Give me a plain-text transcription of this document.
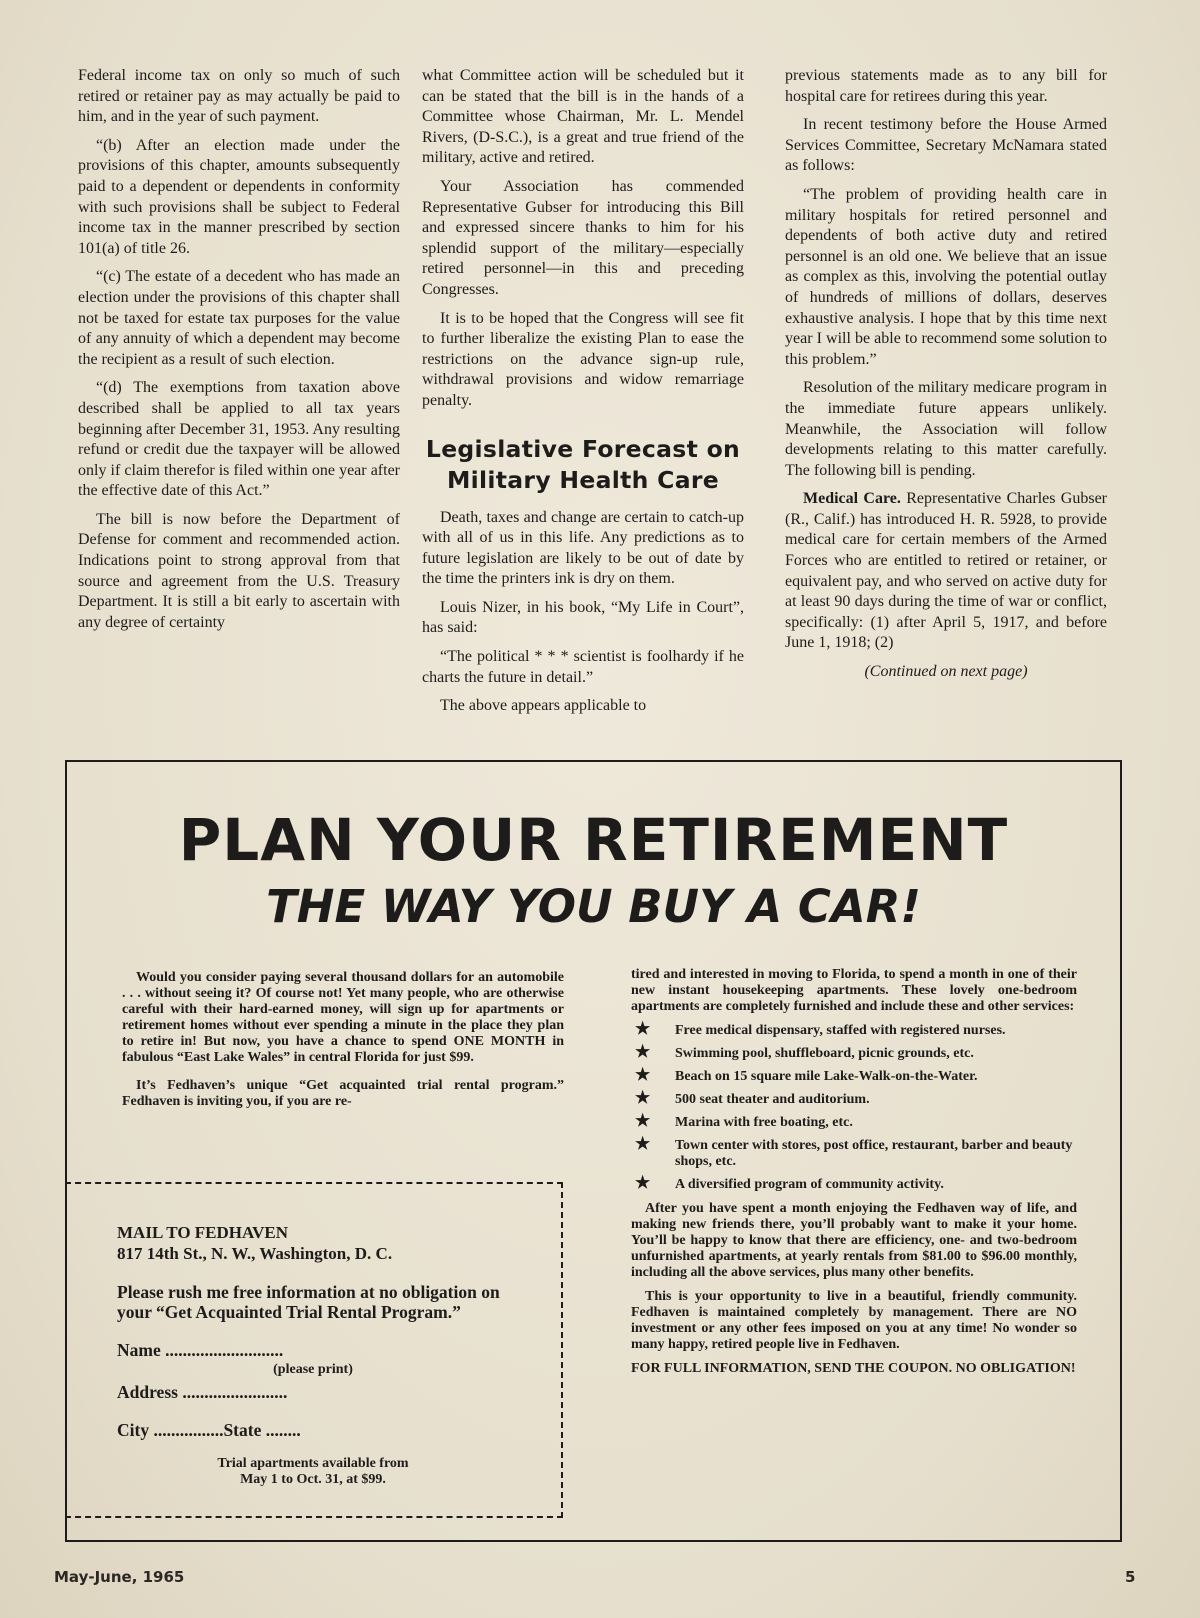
Federal income tax on only so much of such retired or retainer pay as may actually be paid to him, and in the year of such payment.

“(b) After an election made under the provisions of this chapter, amounts subsequently paid to a dependent or dependents in conformity with such provisions shall be subject to Federal income tax in the manner prescribed by section 101(a) of title 26.

“(c) The estate of a decedent who has made an election under the provisions of this chapter shall not be taxed for estate tax purposes for the value of any annuity of which a dependent may become the recipient as a result of such election.

“(d) The exemptions from taxation above described shall be applied to all tax years beginning after December 31, 1953. Any resulting refund or credit due the taxpayer will be allowed only if claim therefor is filed within one year after the effective date of this Act.”

The bill is now before the Department of Defense for comment and recommended action. Indications point to strong approval from that source and agreement from the U.S. Treasury Department. It is still a bit early to ascertain with any degree of certainty

what Committee action will be scheduled but it can be stated that the bill is in the hands of a Committee whose Chairman, Mr. L. Mendel Rivers, (D-S.C.), is a great and true friend of the military, active and retired.

Your Association has commended Representative Gubser for introducing this Bill and expressed sincere thanks to him for his splendid support of the military—especially retired personnel—in this and preceding Congresses.

It is to be hoped that the Congress will see fit to further liberalize the existing Plan to ease the restrictions on the advance sign-up rule, withdrawal provisions and widow remarriage penalty.

Legislative Forecast on
Military Health Care

Death, taxes and change are certain to catch-up with all of us in this life. Any predictions as to future legislation are likely to be out of date by the time the printers ink is dry on them.

Louis Nizer, in his book, “My Life in Court”, has said:

“The political * * * scientist is foolhardy if he charts the future in detail.”

The above appears applicable to

previous statements made as to any bill for hospital care for retirees during this year.

In recent testimony before the House Armed Services Committee, Secretary McNamara stated as follows:

“The problem of providing health care in military hospitals for retired personnel and dependents of both active duty and retired personnel is an old one. We believe that an issue as complex as this, involving the potential outlay of hundreds of millions of dollars, deserves exhaustive analysis. I hope that by this time next year I will be able to recommend some solution to this problem.”

Resolution of the military medicare program in the immediate future appears unlikely. Meanwhile, the Association will follow developments relating to this matter carefully. The following bill is pending.

Medical Care. Representative Charles Gubser (R., Calif.) has introduced H. R. 5928, to provide medical care for certain members of the Armed Forces who are entitled to retired or retainer, or equivalent pay, and who served on active duty for at least 90 days during the time of war or conflict, specifically: (1) after April 5, 1917, and before June 1, 1918; (2)

(Continued on next page)

PLAN YOUR RETIREMENT
THE WAY YOU BUY A CAR!

Would you consider paying several thousand dollars for an automobile . . . without seeing it? Of course not! Yet many people, who are otherwise careful with their hard-earned money, will sign up for apartments or retirement homes without ever spending a minute in the place they plan to retire in! But now, you have a chance to spend ONE MONTH in fabulous “East Lake Wales” in central Florida for just $99.

It’s Fedhaven’s unique “Get acquainted trial rental program.” Fedhaven is inviting you, if you are re-

tired and interested in moving to Florida, to spend a month in one of their new instant housekeeping apartments. These lovely one-bedroom apartments are completely furnished and include these and other services:

★ Free medical dispensary, staffed with registered nurses.
★ Swimming pool, shuffleboard, picnic grounds, etc.
★ Beach on 15 square mile Lake-Walk-on-the-Water.
★ 500 seat theater and auditorium.
★ Marina with free boating, etc.
★ Town center with stores, post office, restaurant, barber and beauty shops, etc.
★ A diversified program of community activity.

After you have spent a month enjoying the Fedhaven way of life, and making new friends there, you’ll probably want to make it your home. You’ll be happy to know that there are efficiency, one- and two-bedroom unfurnished apartments, at yearly rentals from $81.00 to $96.00 monthly, including all the above services, plus many other benefits.

This is your opportunity to live in a beautiful, friendly community. Fedhaven is maintained completely by management. There are NO investment or any other fees imposed on you at any time! No wonder so many happy, retired people live in Fedhaven.

FOR FULL INFORMATION, SEND THE COUPON. NO OBLIGATION!

MAIL TO FEDHAVEN
817 14th St., N. W., Washington, D. C.
Please rush me free information at no obligation on your “Get Acquainted Trial Rental Program.”
Name ...........................
(please print)
Address ........................
City ................State ........
Trial apartments available from
May 1 to Oct. 31, at $99.
May-June, 1965	5
